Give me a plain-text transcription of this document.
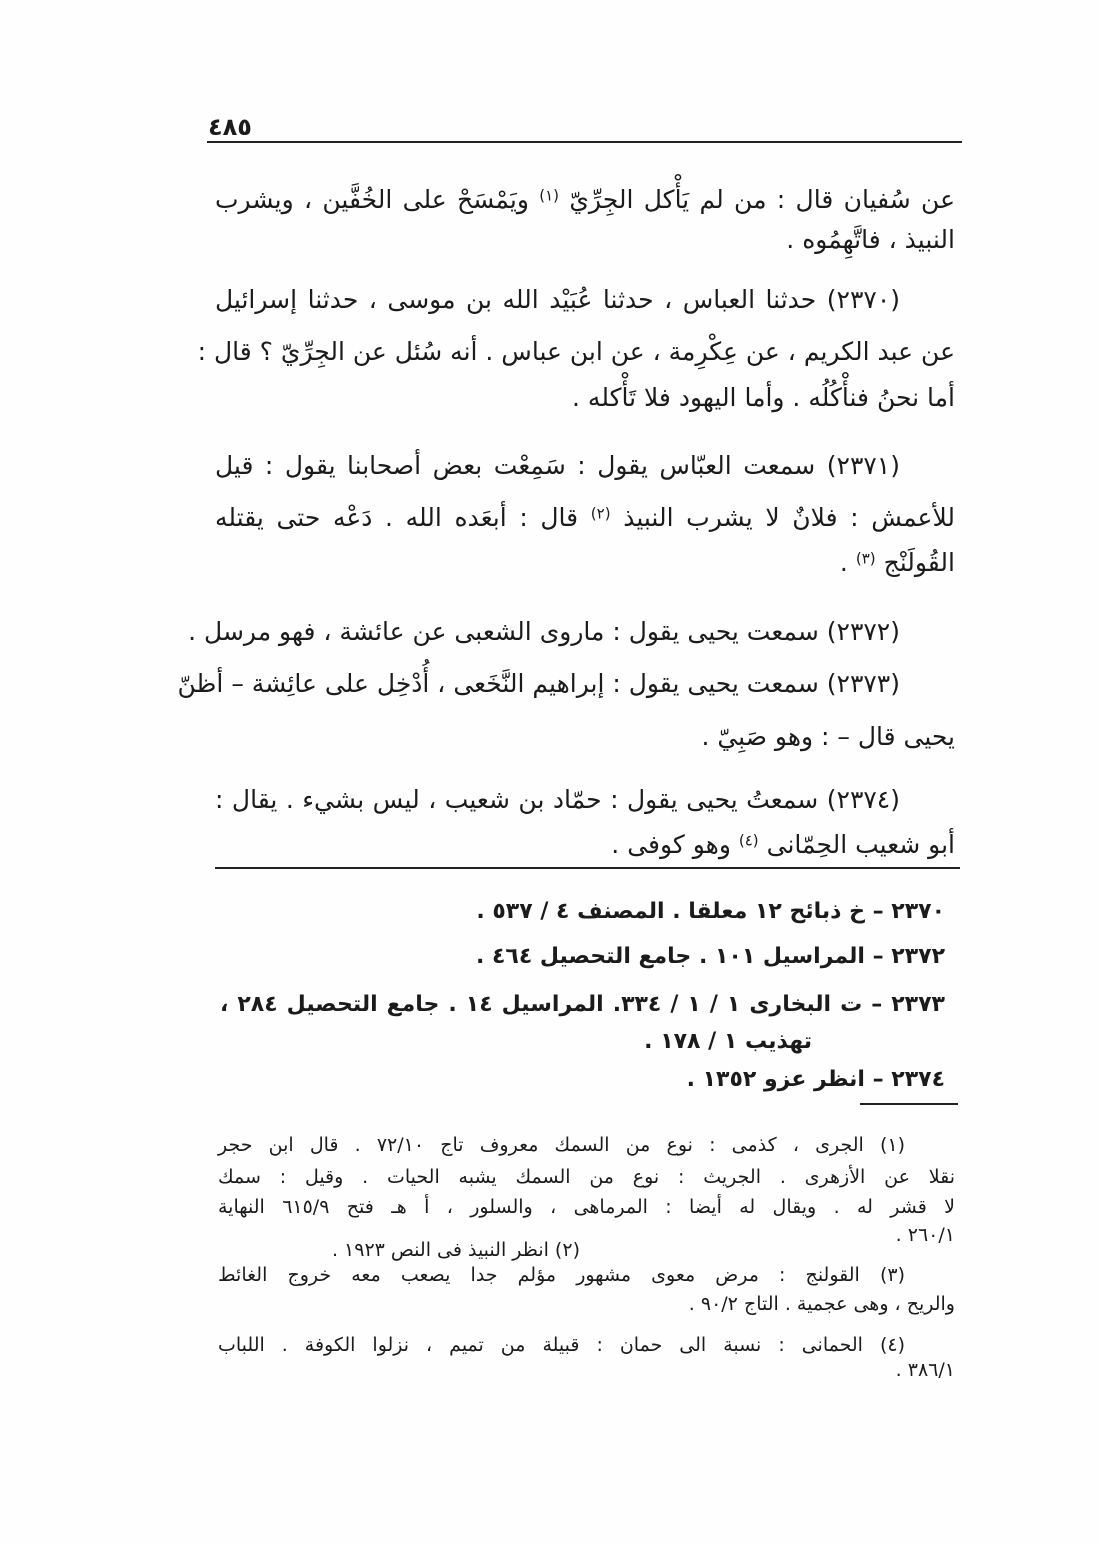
٤٨٥
عن سُفيان قال : من لم يَأْكل الجِرِّيّ $^{(١)}$ ويَمْسَحْ على الخُفَّين ، ويشرب
النبيذ ، فاتَّهِمُوه .
(٢٣٧٠) حدثنا العباس ، حدثنا عُبَيْد الله بن موسى ، حدثنا إسرائيل
عن عبد الكريم ، عن عِكْرِمة ، عن ابن عباس . أنه سُئل عن الجِرِّيّ ؟ قال :
أما نحنُ فنأْكُلُه . وأما اليهود فلا تَأْكله .
(٢٣٧١) سمعت العبّاس يقول : سَمِعْت بعض أصحابنا يقول : قيل
للأعمش : فلانٌ لا يشرب النبيذ $^{(٢)}$ قال : أبعَده الله . دَعْه حتى يقتله
القُولَنْج $^{(٣)}$ .
(٢٣٧٢) سمعت يحيى يقول : ماروى الشعبى عن عائشة ، فهو مرسل .
(٢٣٧٣) سمعت يحيى يقول : إبراهيم النَّخَعى ، أُدْخِل على عائِشة – أظنّ
يحيى قال – : وهو صَبِيّ .
(٢٣٧٤) سمعتُ يحيى يقول : حمّاد بن شعيب ، ليس بشيء . يقال :
أبو شعيب الحِمّانى $^{(٤)}$ وهو كوفى .
٢٣٧٠ – خ ذبائح ١٢ معلقا . المصنف ٤ / ٥٣٧ .
٢٣٧٢ – المراسيل ١٠١ . جامع التحصيل ٤٦٤ .
٢٣٧٣ – ت البخارى ١ / ١ / ٣٣٤. المراسيل ١٤ . جامع التحصيل ٢٨٤ ،
تهذيب ١ / ١٧٨ .
٢٣٧٤ – انظر عزو ١٣٥٢ .
(١) الجرى ، كذمى : نوع من السمك معروف تاج ٧٢/١٠ . قال ابن حجر
نقلا عن الأزهرى . الجريث : نوع من السمك يشبه الحيات . وقيل : سمك
لا قشر له . ويقال له أيضا : المرماهى ، والسلور ، أ هـ فتح ٦١٥/٩ النهاية
٢٦٠/١ .
(٢) انظر النبيذ فى النص ١٩٢٣ .
(٣) القولنج : مرض معوى مشهور مؤلم جدا يصعب معه خروج الغائط
والريح ، وهى عجمية . التاج ٩٠/٢ .
(٤) الحمانى : نسبة الى حمان : قبيلة من تميم ، نزلوا الكوفة . اللباب
٣٨٦/١ .
